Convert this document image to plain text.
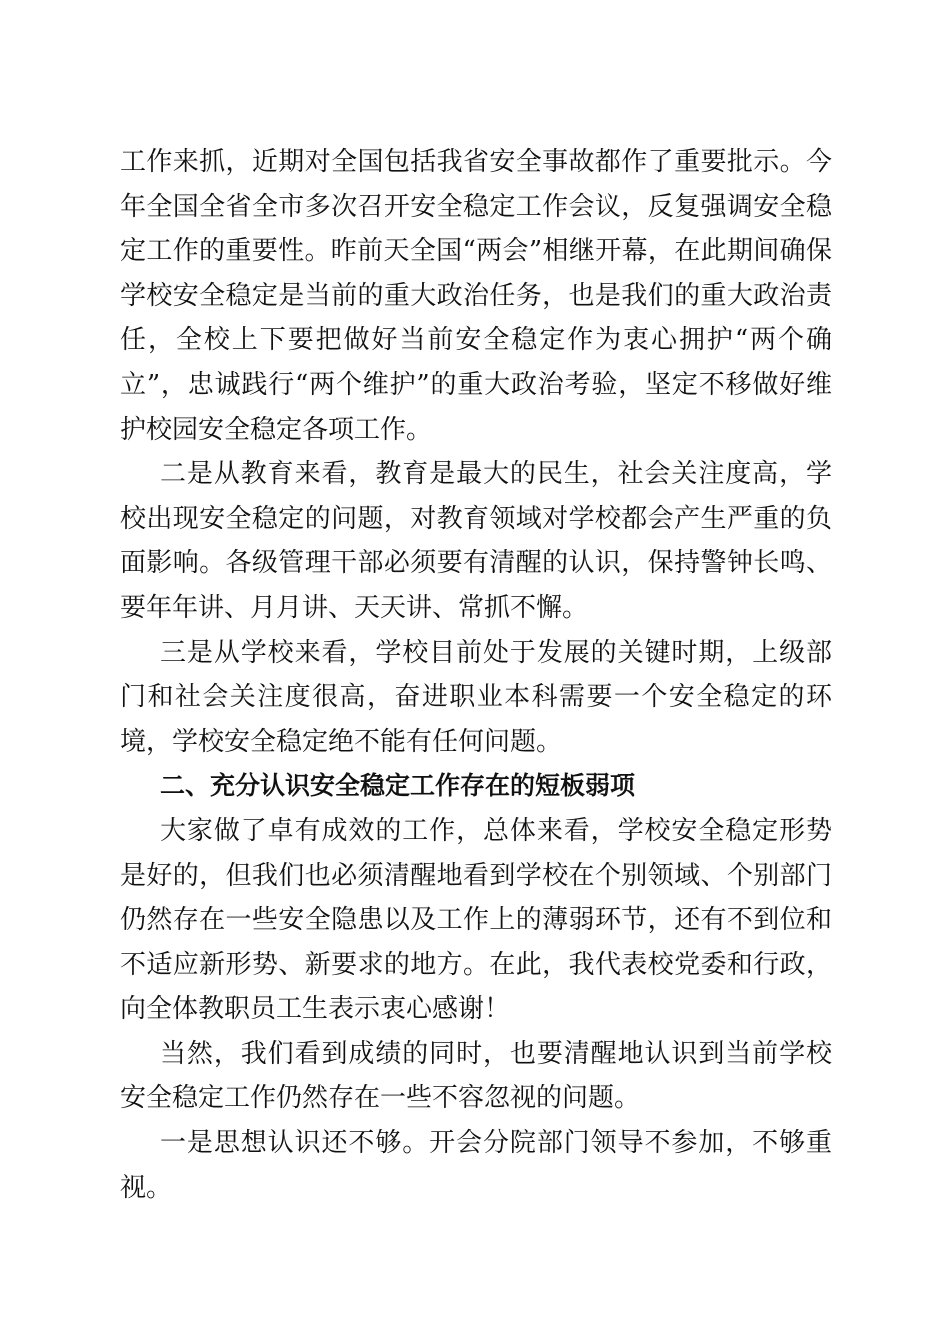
工作来抓，近期对全国包括我省安全事故都作了重要批示。今年全国全省全市多次召开安全稳定工作会议，反复强调安全稳定工作的重要性。昨前天全国“两会”相继开幕，在此期间确保学校安全稳定是当前的重大政治任务，也是我们的重大政治责任，全校上下要把做好当前安全稳定作为衷心拥护“两个确立”，忠诚践行“两个维护”的重大政治考验，坚定不移做好维护校园安全稳定各项工作。

二是从教育来看，教育是最大的民生，社会关注度高，学校出现安全稳定的问题，对教育领域对学校都会产生严重的负面影响。各级管理干部必须要有清醒的认识，保持警钟长鸣、要年年讲、月月讲、天天讲、常抓不懈。

三是从学校来看，学校目前处于发展的关键时期，上级部门和社会关注度很高，奋进职业本科需要一个安全稳定的环境，学校安全稳定绝不能有任何问题。

二、充分认识安全稳定工作存在的短板弱项

大家做了卓有成效的工作，总体来看，学校安全稳定形势是好的，但我们也必须清醒地看到学校在个别领域、个别部门仍然存在一些安全隐患以及工作上的薄弱环节，还有不到位和不适应新形势、新要求的地方。在此，我代表校党委和行政，向全体教职员工生表示衷心感谢！

当然，我们看到成绩的同时，也要清醒地认识到当前学校安全稳定工作仍然存在一些不容忽视的问题。

一是思想认识还不够。开会分院部门领导不参加，不够重视。
